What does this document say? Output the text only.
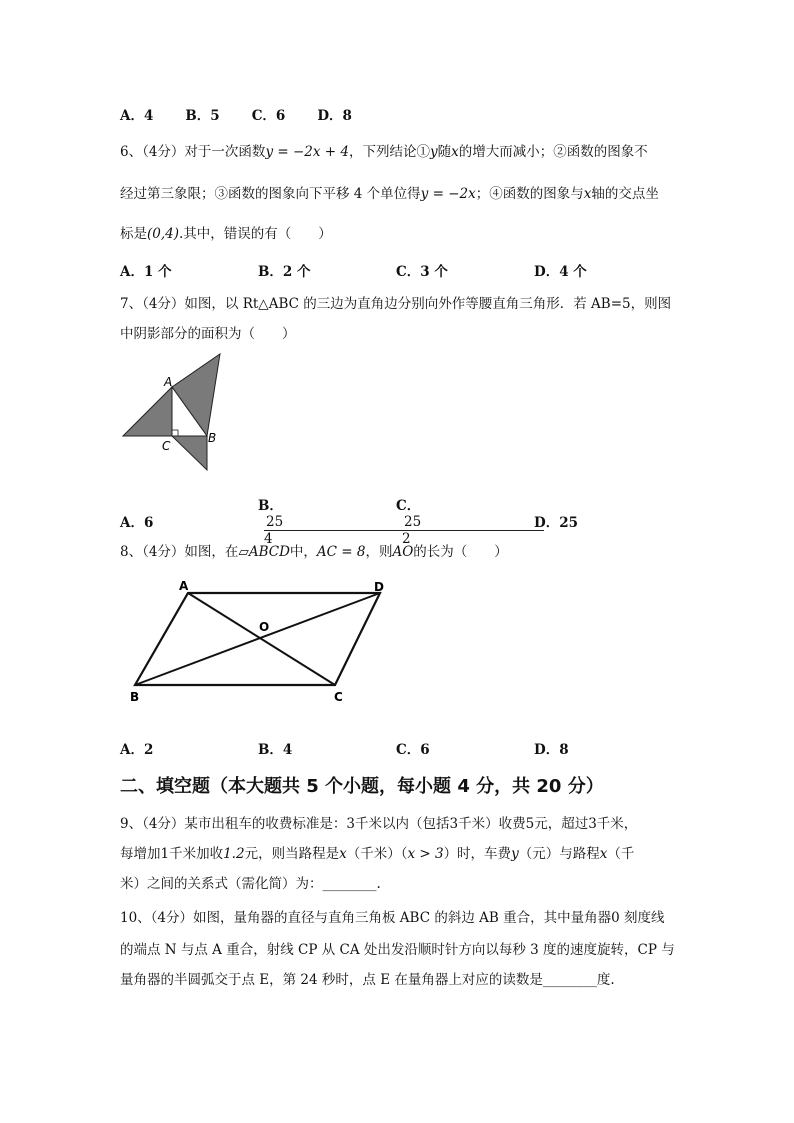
A．4 B．5 C．6 D．8
6、（4分）对于一次函数y = −2x + 4，下列结论①y随x的增大而减小；②函数的图象不
经过第三象限；③函数的图象向下平移 4 个单位得y = −2x；④函数的图象与x轴的交点坐
标是(0,4).其中，错误的有（　　）
A．1 个	B．2 个	C．3 个	D．4 个
7、（4分）如图，以 Rt△ABC 的三边为直角边分别向外作等腰直角三角形．若 AB=5，则图
中阴影部分的面积为（　　）
A
B
C
A．6
B．$\frac{25}{4}$
C．$\frac{25}{2}$
D．25
8、（4分）如图，在▱ABCD中，AC = 8，则AO的长为（　　）
A	D
O
B	C
A．2	B．4	C．6	D．8
二、填空题（本大题共 5 个小题，每小题 4 分，共 20 分）
9、（4分）某市出租车的收费标准是：3千米以内（包括3千米）收费5元，超过3千米，
每增加1千米加收1.2元，则当路程是x（千米）（x > 3）时，车费y（元）与路程x（千
米）之间的关系式（需化简）为：________.
10、（4分）如图，量角器的直径与直角三角板 ABC 的斜边 AB 重合，其中量角器0 刻度线
的端点 N 与点 A 重合，射线 CP 从 CA 处出发沿顺时针方向以每秒 3 度的速度旋转，CP 与
量角器的半圆弧交于点 E，第 24 秒时，点 E 在量角器上对应的读数是________度.
